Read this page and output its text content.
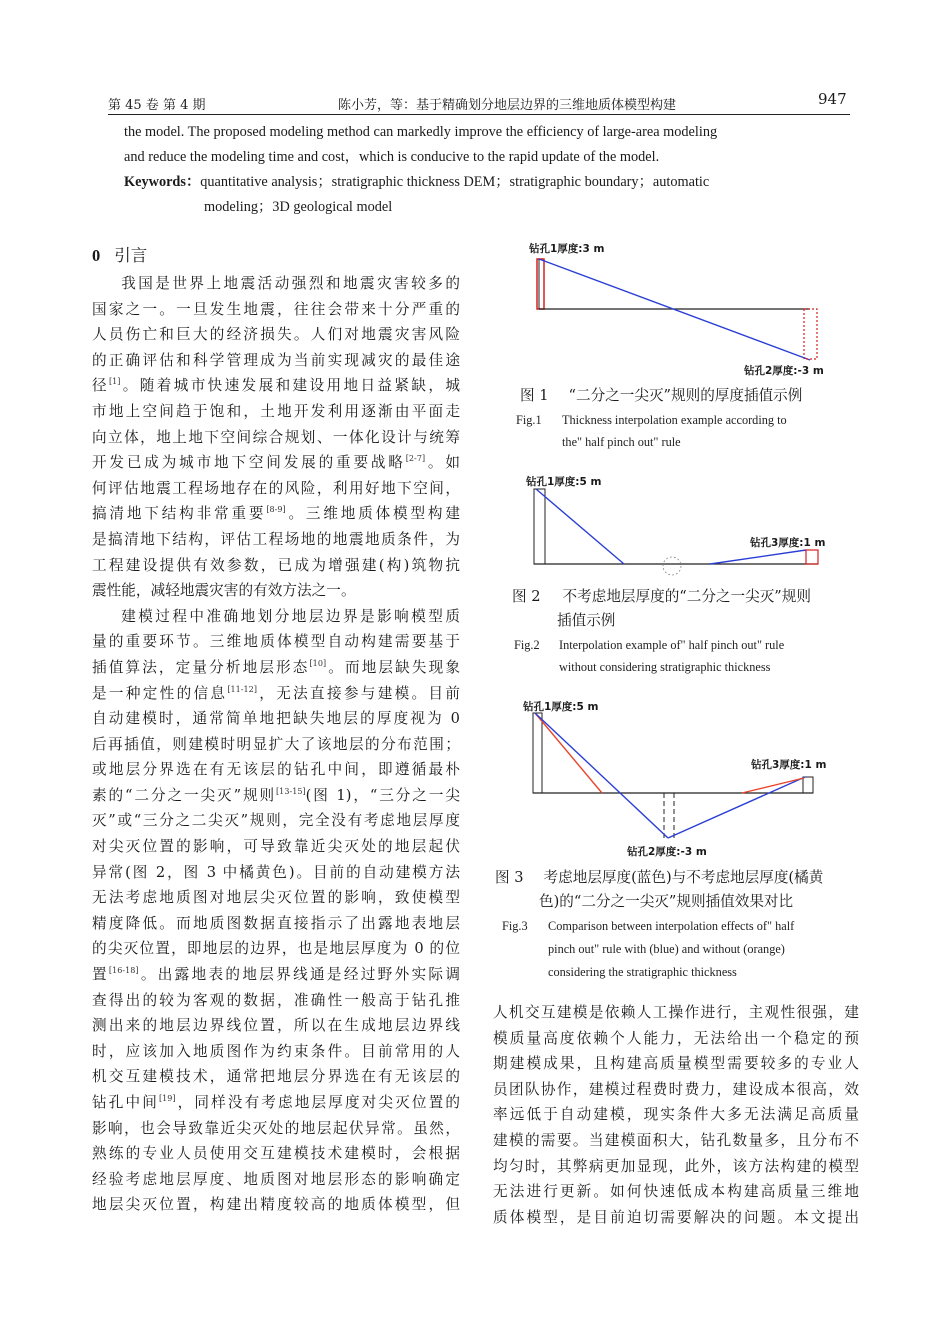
第 45 卷 第 4 期	陈小芳，等：基于精确划分地层边界的三维地质体模型构建	947
the model. The proposed modeling method can markedly improve the efficiency of large-area modeling
and reduce the modeling time and cost，which is conducive to the rapid update of the model.
Keywords：quantitative analysis；stratigraphic thickness DEM；stratigraphic boundary；automatic
modeling；3D geological model
0 引言

我国是世界上地震活动强烈和地震灾害较多的

国家之一。一旦发生地震，往往会带来十分严重的

人员伤亡和巨大的经济损失。人们对地震灾害风险

的正确评估和科学管理成为当前实现减灾的最佳途

径[1]。随着城市快速发展和建设用地日益紧缺，城

市地上空间趋于饱和，土地开发利用逐渐由平面走

向立体，地上地下空间综合规划、一体化设计与统筹

开发已成为城市地下空间发展的重要战略[2-7]。如

何评估地震工程场地存在的风险，利用好地下空间，

搞清地下结构非常重要[8-9]。三维地质体模型构建

是搞清地下结构，评估工程场地的地震地质条件，为

工程建设提供有效参数，已成为增强建(构)筑物抗

震性能，减轻地震灾害的有效方法之一。

建模过程中准确地划分地层边界是影响模型质

量的重要环节。三维地质体模型自动构建需要基于

插值算法，定量分析地层形态[10]。而地层缺失现象

是一种定性的信息[11-12]，无法直接参与建模。目前

自动建模时，通常简单地把缺失地层的厚度视为 0

后再插值，则建模时明显扩大了该地层的分布范围；

或地层分界选在有无该层的钻孔中间，即遵循最朴

素的“二分之一尖灭”规则[13-15](图 1)，“三分之一尖

灭”或“三分之二尖灭”规则，完全没有考虑地层厚度

对尖灭位置的影响，可导致靠近尖灭处的地层起伏

异常(图 2，图 3 中橘黄色)。目前的自动建模方法

无法考虑地质图对地层尖灭位置的影响，致使模型

精度降低。而地质图数据直接指示了出露地表地层

的尖灭位置，即地层的边界，也是地层厚度为 0 的位

置[16-18]。出露地表的地层界线通是经过野外实际调

查得出的较为客观的数据，准确性一般高于钻孔推

测出来的地层边界线位置，所以在生成地层边界线

时，应该加入地质图作为约束条件。目前常用的人

机交互建模技术，通常把地层分界选在有无该层的

钻孔中间[19]，同样没有考虑地层厚度对尖灭位置的

影响，也会导致靠近尖灭处的地层起伏异常。虽然，

熟练的专业人员使用交互建模技术建模时，会根据

经验考虑地层厚度、地质图对地层形态的影响确定

地层尖灭位置，构建出精度较高的地质体模型，但

钻孔1厚度:3 m
钻孔2厚度:-3 m
图 1 “二分之一尖灭”规则的厚度插值示例
Fig.1 Thickness interpolation example according to
the" half pinch out" rule
钻孔1厚度:5 m
钻孔3厚度:1 m
图 2 不考虑地层厚度的“二分之一尖灭”规则
插值示例
Fig.2 Interpolation example of" half pinch out" rule
without considering stratigraphic thickness
钻孔1厚度:5 m
钻孔3厚度:1 m
钻孔2厚度:-3 m
图 3 考虑地层厚度(蓝色)与不考虑地层厚度(橘黄
色)的“二分之一尖灭”规则插值效果对比
Fig.3 Comparison between interpolation effects of" half
pinch out" rule with (blue) and without (orange)
considering the stratigraphic thickness

人机交互建模是依赖人工操作进行，主观性很强，建

模质量高度依赖个人能力，无法给出一个稳定的预

期建模成果，且构建高质量模型需要较多的专业人

员团队协作，建模过程费时费力，建设成本很高，效

率远低于自动建模，现实条件大多无法满足高质量

建模的需要。当建模面积大，钻孔数量多，且分布不

均匀时，其弊病更加显现，此外，该方法构建的模型

无法进行更新。如何快速低成本构建高质量三维地

质体模型，是目前迫切需要解决的问题。本文提出
